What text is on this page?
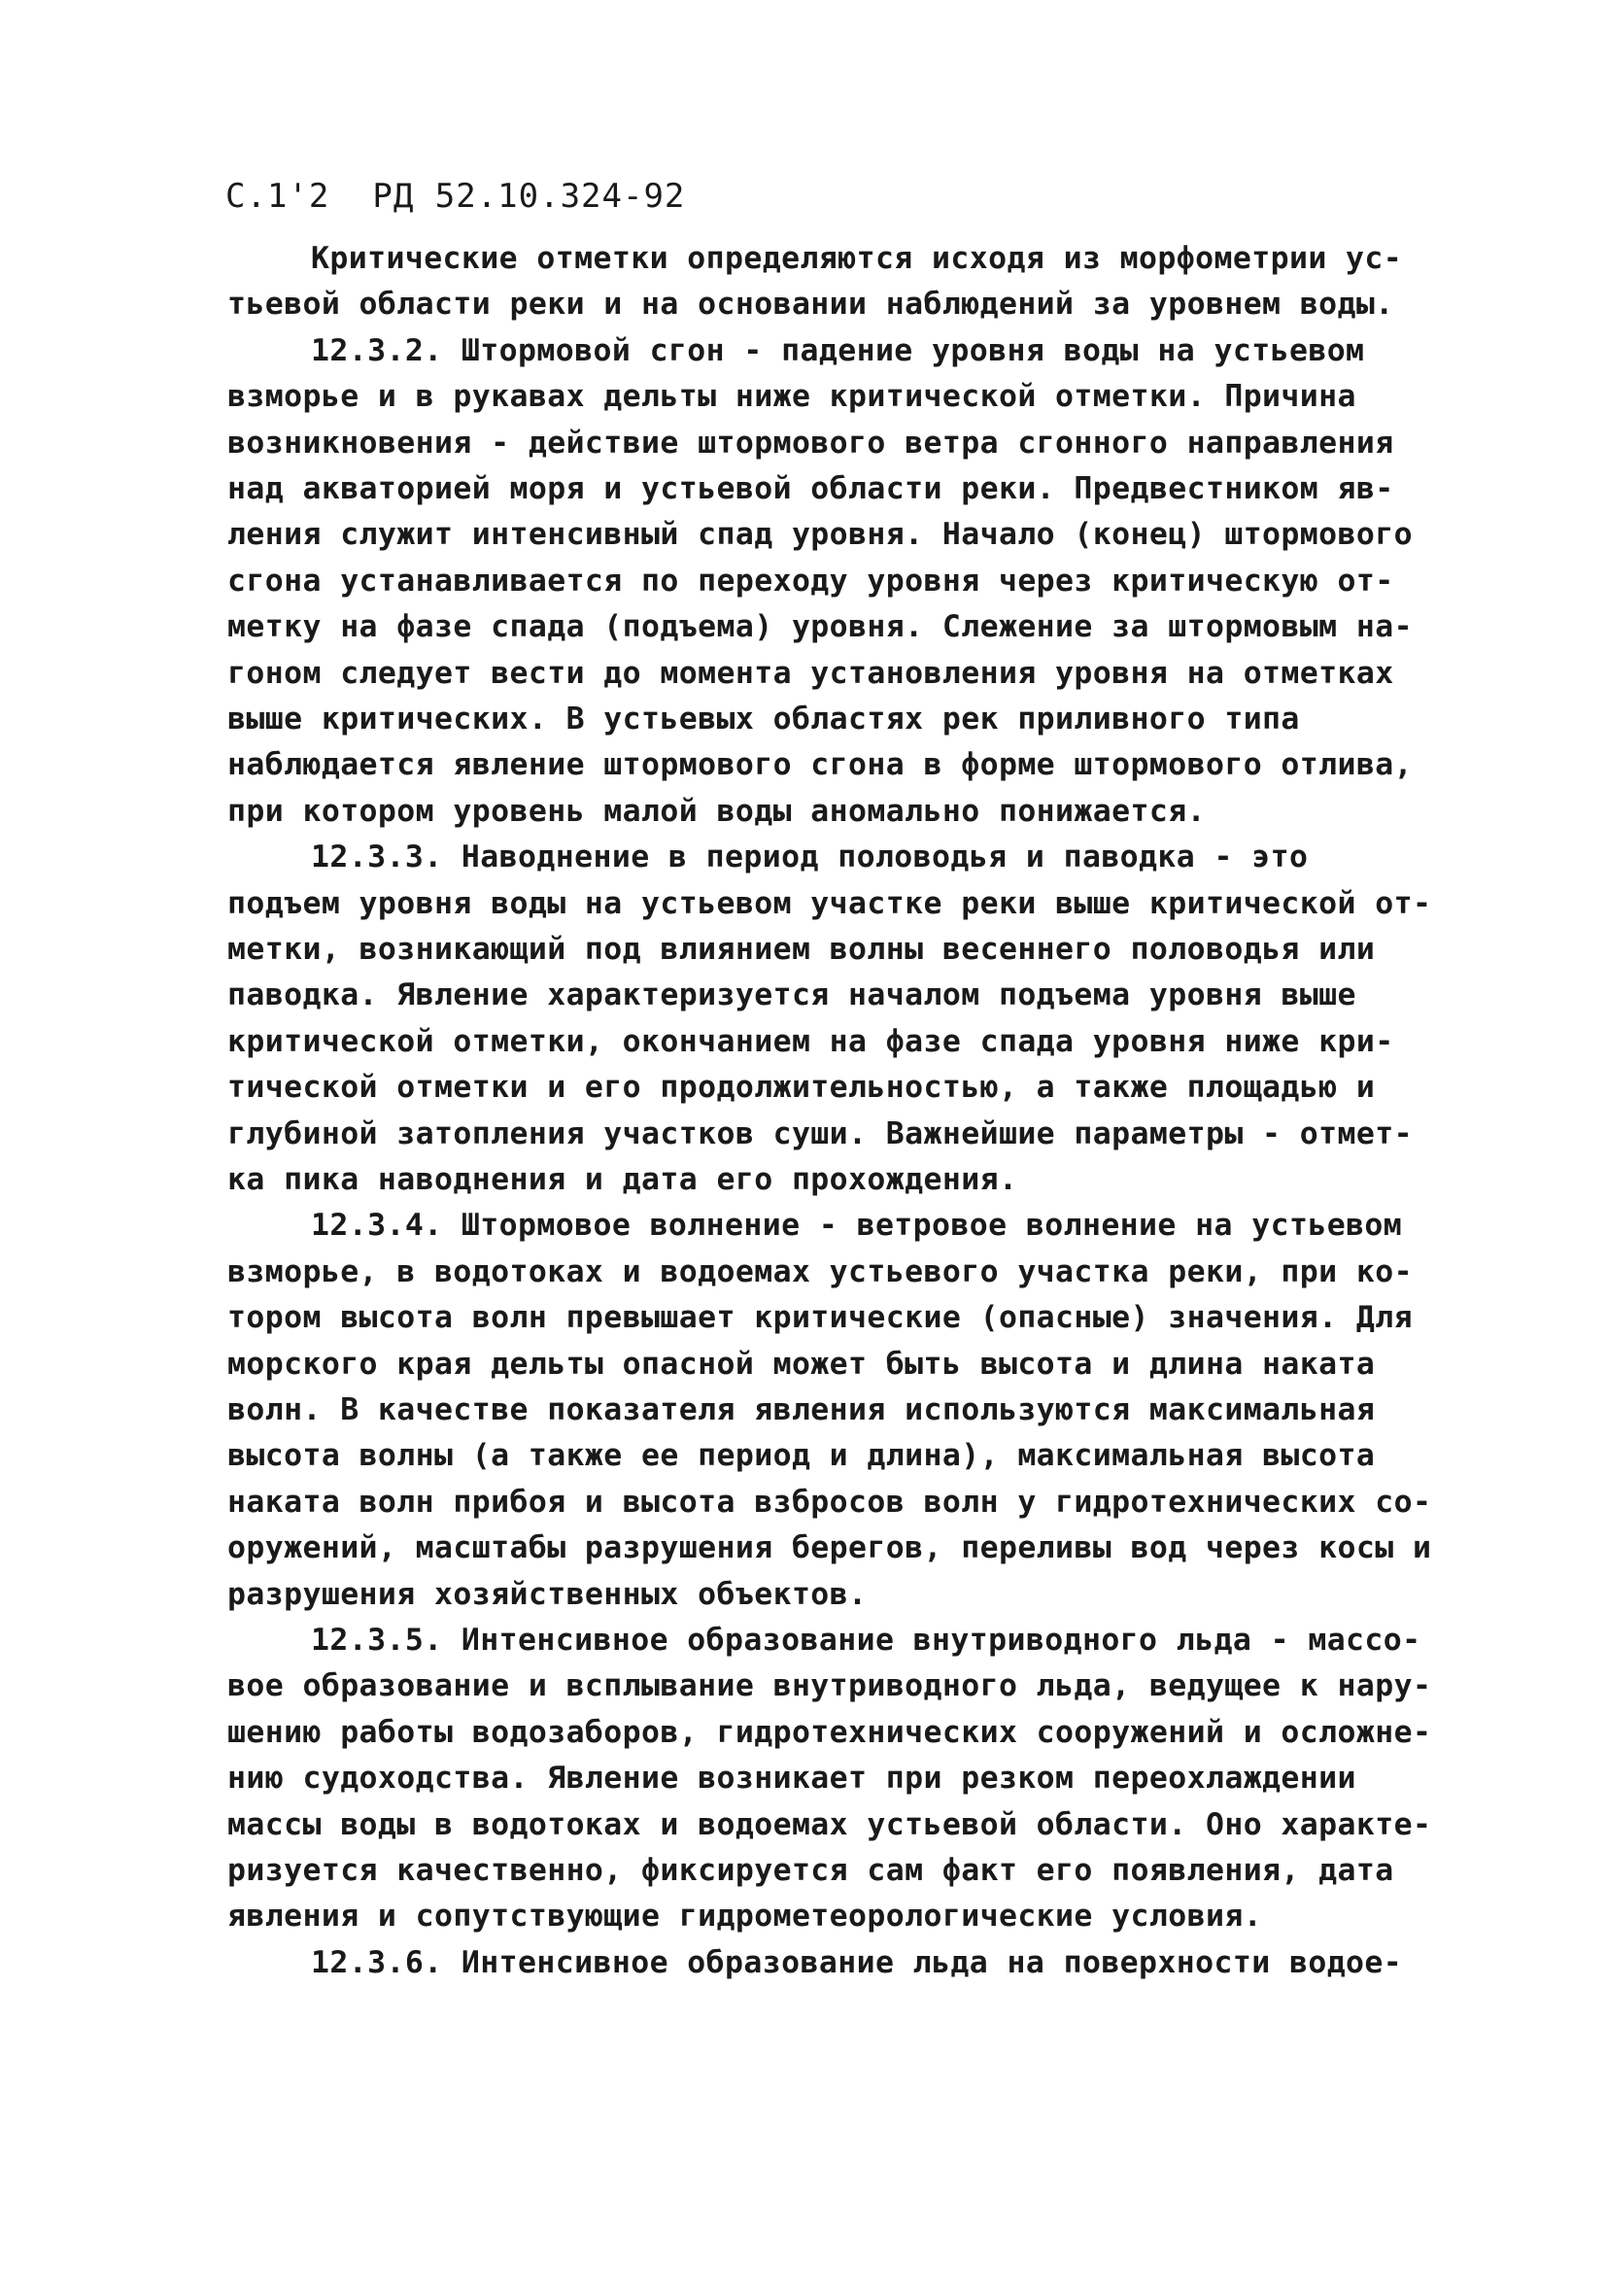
С.1'2 РД 52.10.324-92
Критические отметки определяются исходя из морфометрии ус-
тьевой области реки и на основании наблюдений за уровнем воды.
12.3.2. Штормовой сгон - падение уровня воды на устьевом
взморье и в рукавах дельты ниже критической отметки. Причина
возникновения - действие штормового ветра сгонного направления
над акваторией моря и устьевой области реки. Предвестником яв-
ления служит интенсивный спад уровня. Начало (конец) штормового
сгона устанавливается по переходу уровня через критическую от-
метку на фазе спада (подъема) уровня. Слежение за штормовым на-
гоном следует вести до момента установления уровня на отметках
выше критических. В устьевых областях рек приливного типа
наблюдается явление штормового сгона в форме штормового отлива,
при котором уровень малой воды аномально понижается.
12.3.3. Наводнение в период половодья и паводка - это
подъем уровня воды на устьевом участке реки выше критической от-
метки, возникающий под влиянием волны весеннего половодья или
паводка. Явление характеризуется началом подъема уровня выше
критической отметки, окончанием на фазе спада уровня ниже кри-
тической отметки и его продолжительностью, а также площадью и
глубиной затопления участков суши. Важнейшие параметры - отмет-
ка пика наводнения и дата его прохождения.
12.3.4. Штормовое волнение - ветровое волнение на устьевом
взморье, в водотоках и водоемах устьевого участка реки, при ко-
тором высота волн превышает критические (опасные) значения. Для
морского края дельты опасной может быть высота и длина наката
волн. В качестве показателя явления используются максимальная
высота волны (а также ее период и длина), максимальная высота
наката волн прибоя и высота взбросов волн у гидротехнических со-
оружений, масштабы разрушения берегов, переливы вод через косы и
разрушения хозяйственных объектов.
12.3.5. Интенсивное образование внутриводного льда - массо-
вое образование и всплывание внутриводного льда, ведущее к нару-
шению работы водозаборов, гидротехнических сооружений и осложне-
нию судоходства. Явление возникает при резком переохлаждении
массы воды в водотоках и водоемах устьевой области. Оно характе-
ризуется качественно, фиксируется сам факт его появления, дата
явления и сопутствующие гидрометеорологические условия.
12.3.6. Интенсивное образование льда на поверхности водое-
